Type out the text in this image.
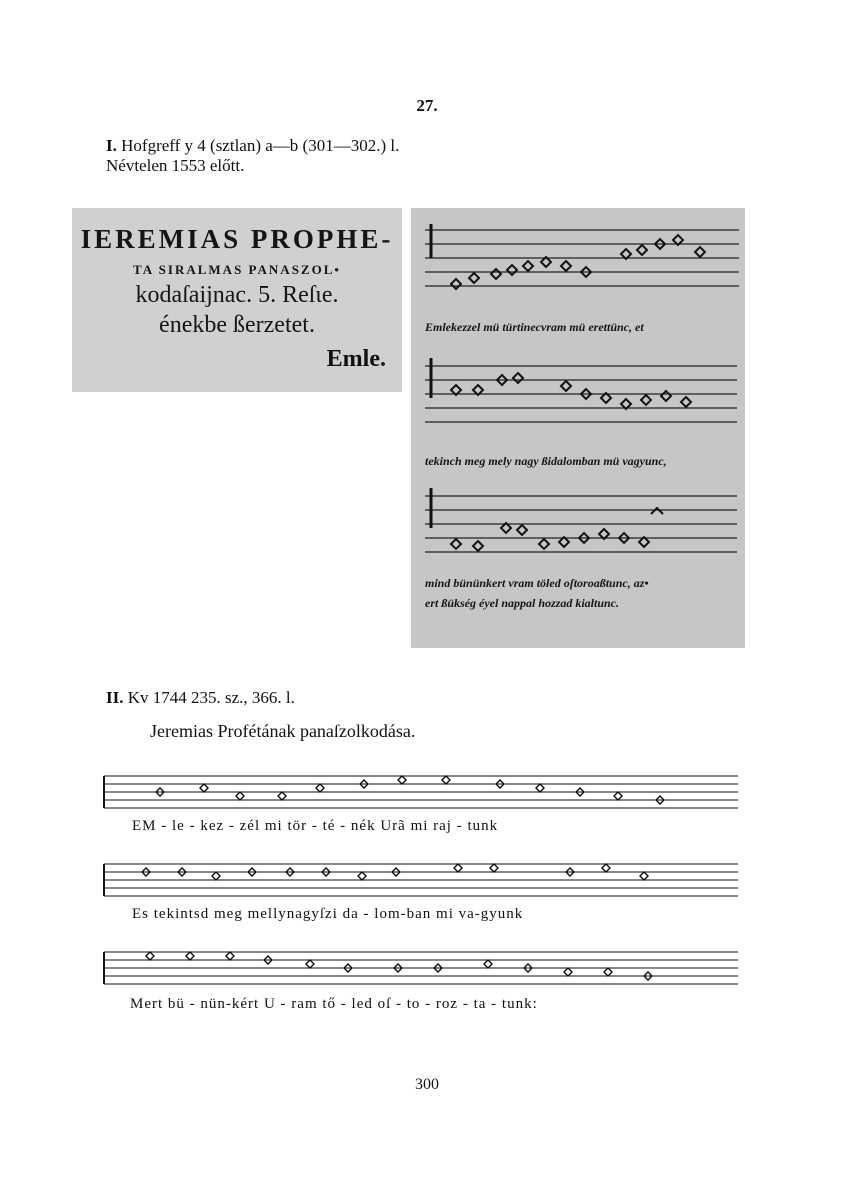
27.
I. Hofgreff y 4 (sztlan) a—b (301—302.) l.
Névtelen 1553 előtt.
IEREMIAS PROPHE-
TA SIRALMAS PANASZOL•
kodaſaijnac. 5. Reſɩe.
énekbe ßerzetet.
Emle.
Emlekezzel mü türtinecvram mü erettünc, et
tekinch meg mely nagy ßidalomban mü vagyunc,
mind bününkert vram töled oſtoroaßtunc, az•
ert ßükség éyel nappal hozzad kialtunc.
II. Kv 1744 235. sz., 366. l.
Jeremias Profétának panaſzolkodása.
EM - le - kez - zél mi tör - té - nék Urã mi raj - tunk
Es tekintsd meg mellynagyſzi da - lom-ban mi va-gyunk
Mert bü - nün-kért U - ram tő - led oſ - to - roz - ta - tunk:
300
